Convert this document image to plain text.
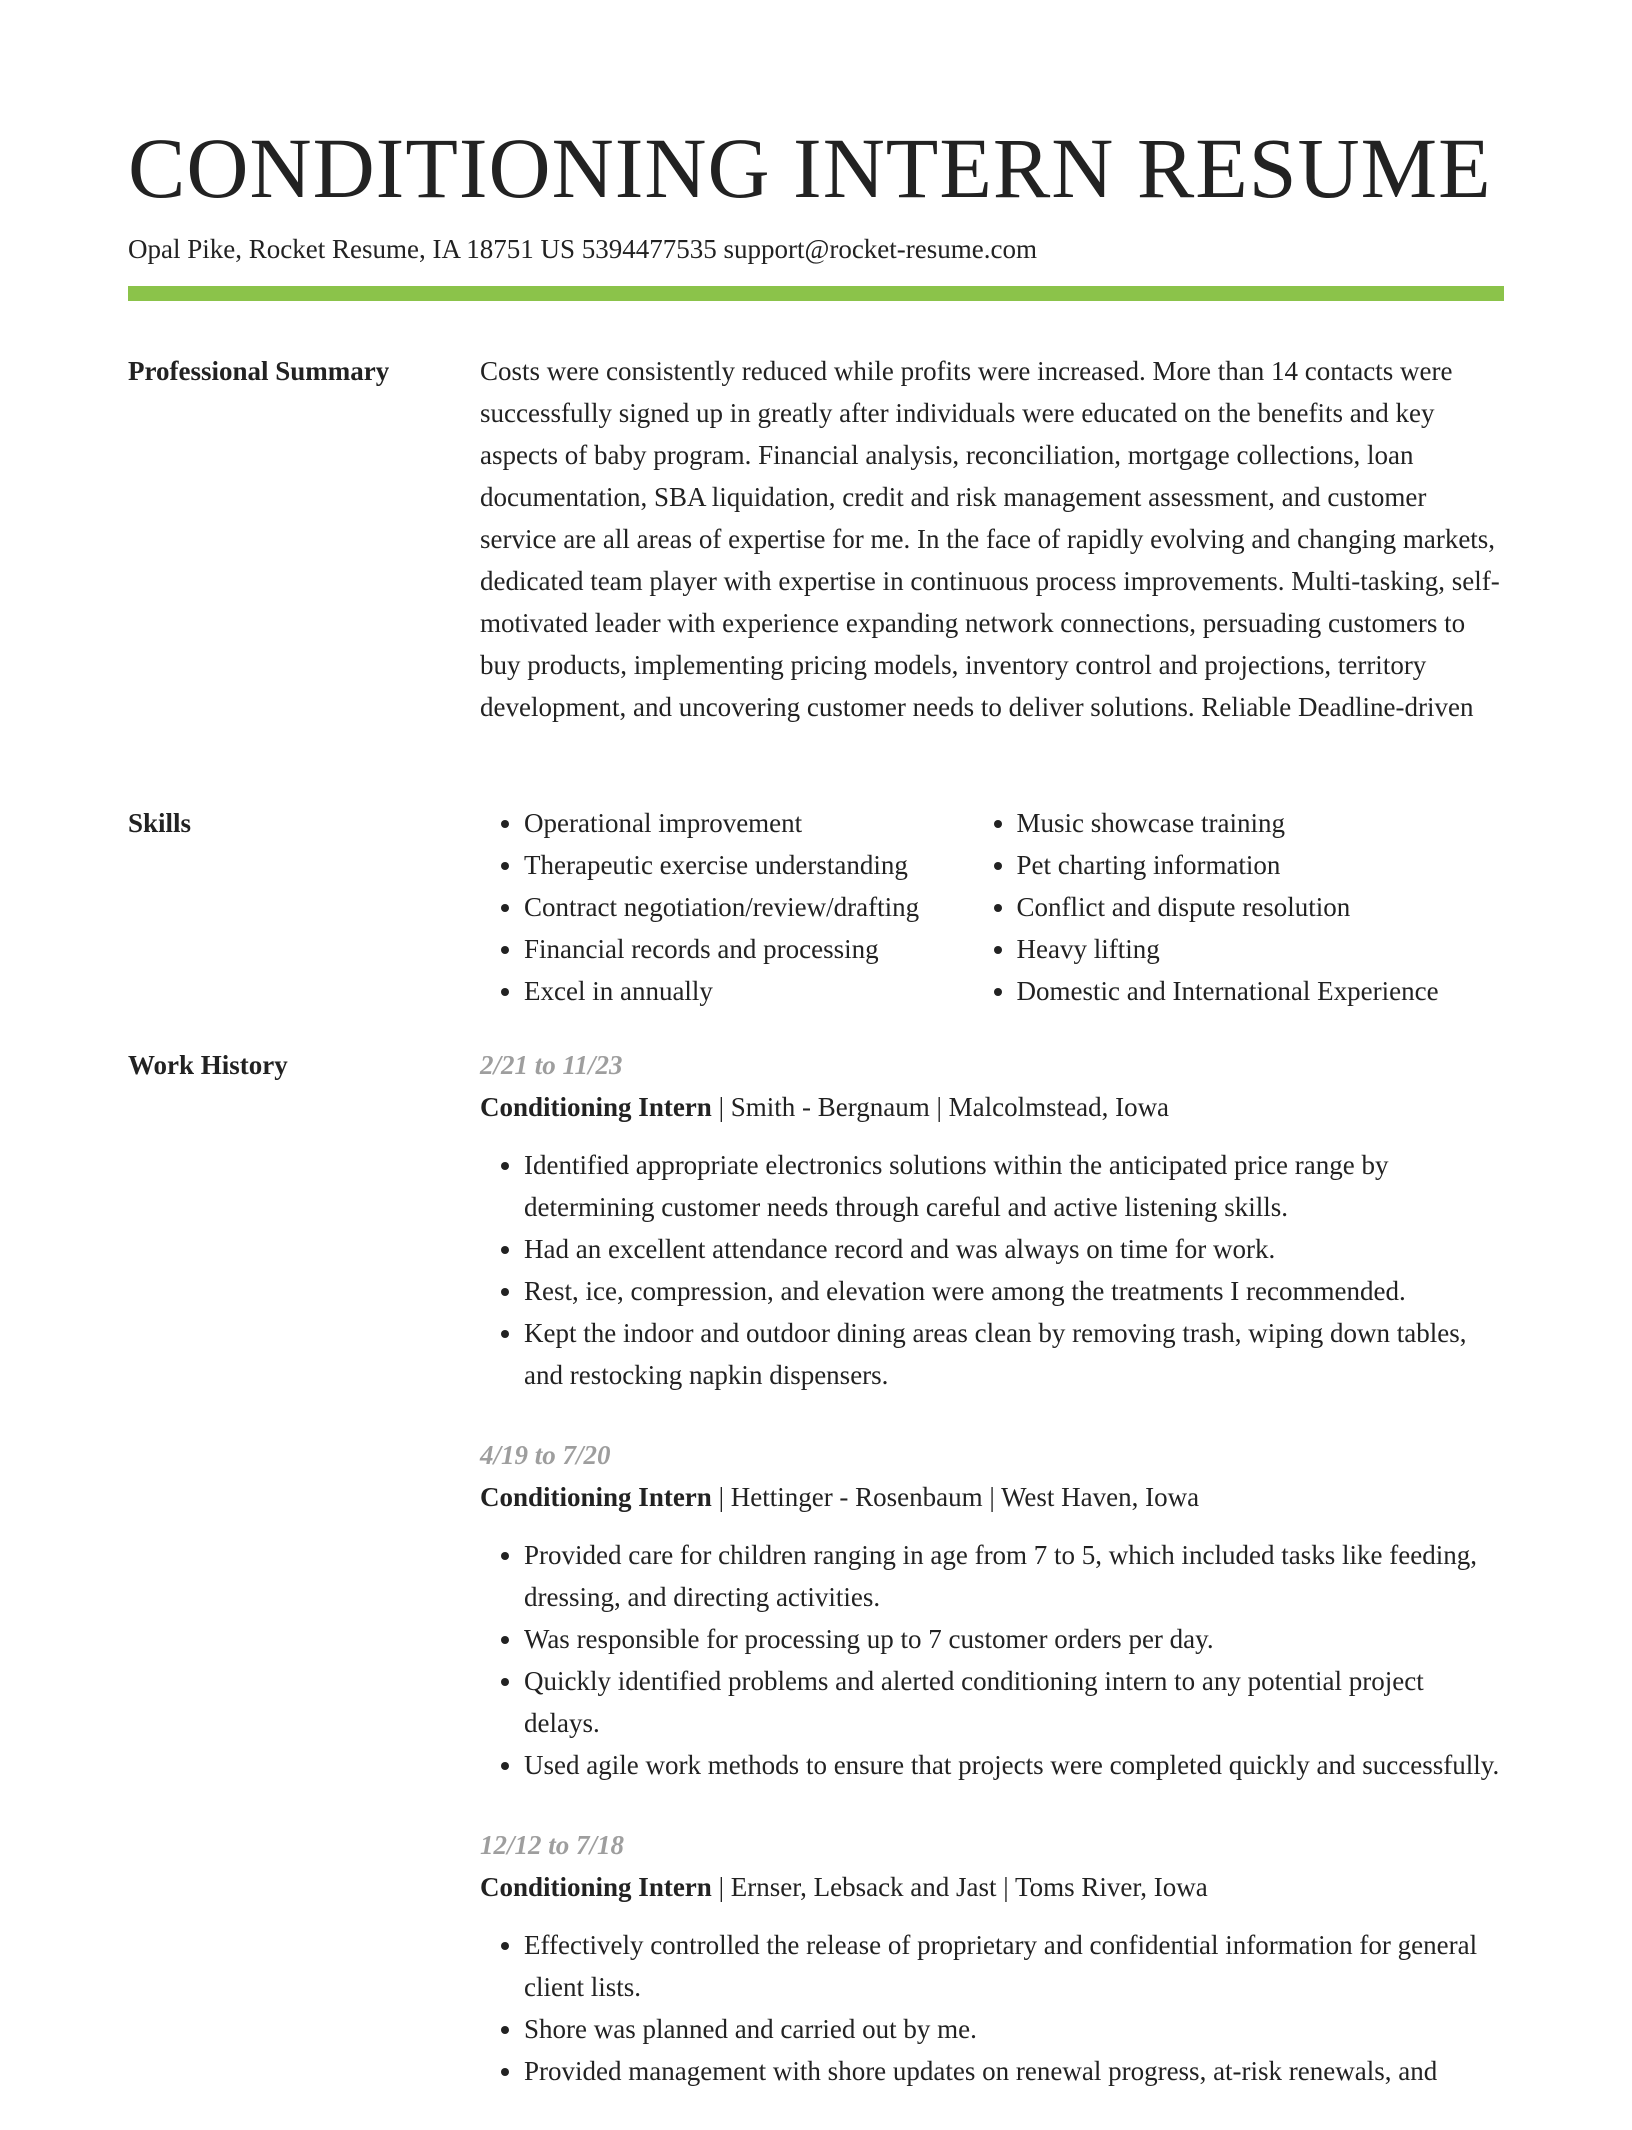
CONDITIONING INTERN RESUME
Opal Pike, Rocket Resume, IA 18751 US 5394477535 support@rocket-resume.com
Professional Summary	Costs were consistently reduced while profits were increased. More than 14 contacts were successfully signed up in greatly after individuals were educated on the benefits and key aspects of baby program. Financial analysis, reconciliation, mortgage collections, loan documentation, SBA liquidation, credit and risk management assessment, and customer service are all areas of expertise for me. In the face of rapidly evolving and changing markets, dedicated team player with expertise in continuous process improvements. Multi-tasking, self-motivated leader with experience expanding network connections, persuading customers to buy products, implementing pricing models, inventory control and projections, territory development, and uncovering customer needs to deliver solutions. Reliable Deadline-driven

Skills
•	Operational improvement
• Therapeutic exercise understanding
• Contract negotiation/review/drafting
• Financial records and processing
• Excel in annually
• Music showcase training
• Pet charting information
• Conflict and dispute resolution
• Heavy lifting
• Domestic and International Experience
Work History	2/21 to 11/23
Conditioning Intern | Smith - Bergnaum | Malcolmstead, Iowa
• Identified appropriate electronics solutions within the anticipated price range by determining customer needs through careful and active listening skills.
• Had an excellent attendance record and was always on time for work.
• Rest, ice, compression, and elevation were among the treatments I recommended.
• Kept the indoor and outdoor dining areas clean by removing trash, wiping down tables, and restocking napkin dispensers.
4/19 to 7/20
Conditioning Intern | Hettinger - Rosenbaum | West Haven, Iowa
• Provided care for children ranging in age from 7 to 5, which included tasks like feeding, dressing, and directing activities.
• Was responsible for processing up to 7 customer orders per day.
• Quickly identified problems and alerted conditioning intern to any potential project delays.
• Used agile work methods to ensure that projects were completed quickly and successfully.
12/12 to 7/18
Conditioning Intern | Ernser, Lebsack and Jast | Toms River, Iowa
• Effectively controlled the release of proprietary and confidential information for general client lists.
• Shore was planned and carried out by me.
• Provided management with shore updates on renewal progress, at-risk renewals, and
